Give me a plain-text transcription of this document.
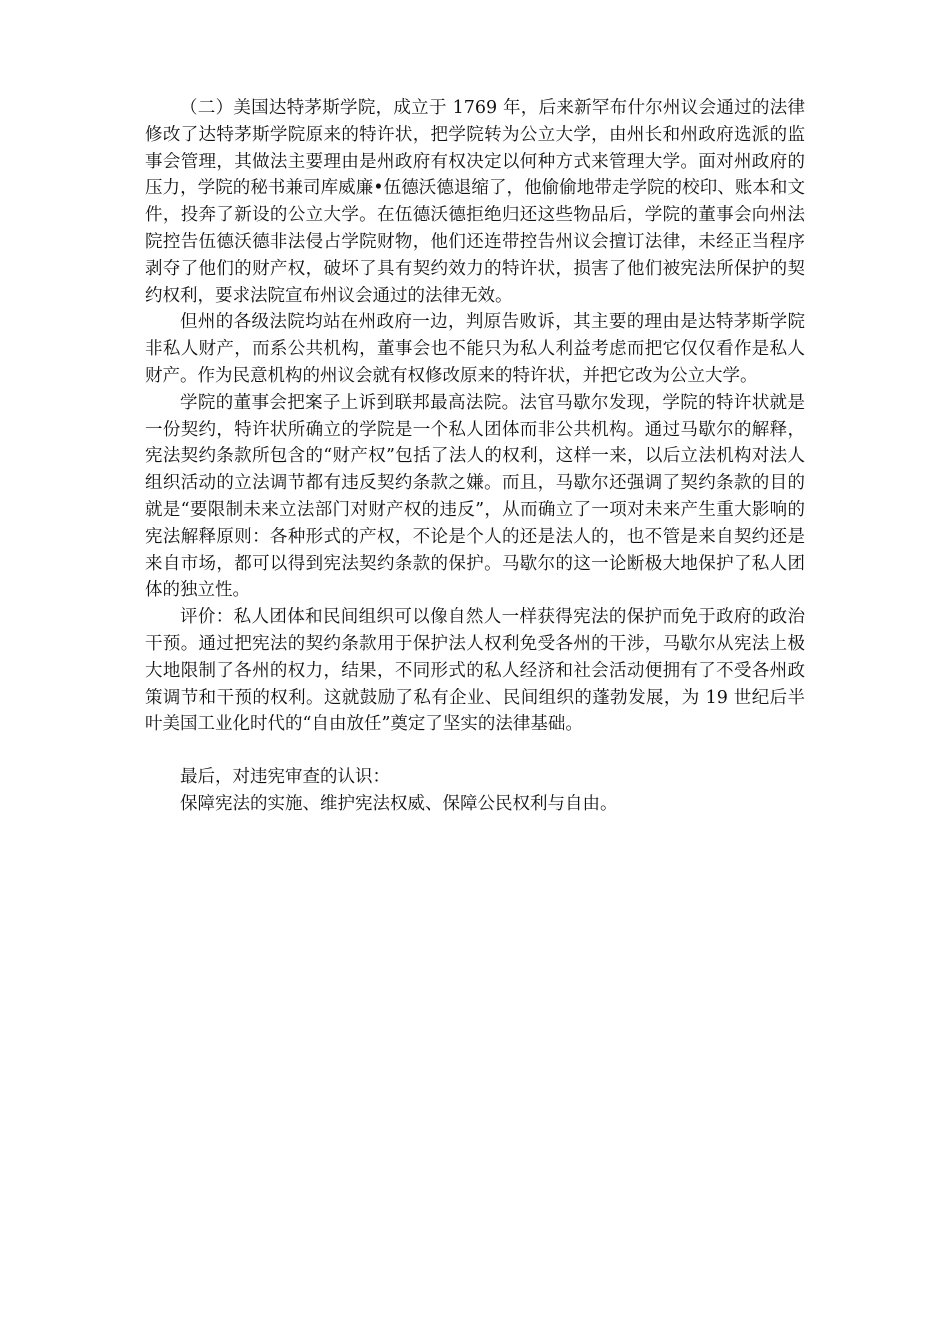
（二）美国达特茅斯学院，成立于 1769 年，后来新罕布什尔州议会通过的法律修改了达特茅斯学院原来的特许状，把学院转为公立大学，由州长和州政府选派的监事会管理，其做法主要理由是州政府有权决定以何种方式来管理大学。面对州政府的压力，学院的秘书兼司库威廉•伍德沃德退缩了，他偷偷地带走学院的校印、账本和文件，投奔了新设的公立大学。在伍德沃德拒绝归还这些物品后，学院的董事会向州法院控告伍德沃德非法侵占学院财物，他们还连带控告州议会擅订法律，未经正当程序剥夺了他们的财产权，破坏了具有契约效力的特许状，损害了他们被宪法所保护的契约权利，要求法院宣布州议会通过的法律无效。

但州的各级法院均站在州政府一边，判原告败诉，其主要的理由是达特茅斯学院非私人财产，而系公共机构，董事会也不能只为私人利益考虑而把它仅仅看作是私人财产。作为民意机构的州议会就有权修改原来的特许状，并把它改为公立大学。

学院的董事会把案子上诉到联邦最高法院。法官马歇尔发现，学院的特许状就是一份契约，特许状所确立的学院是一个私人团体而非公共机构。通过马歇尔的解释，宪法契约条款所包含的“财产权”包括了法人的权利，这样一来，以后立法机构对法人组织活动的立法调节都有违反契约条款之嫌。而且，马歇尔还强调了契约条款的目的就是“要限制未来立法部门对财产权的违反”，从而确立了一项对未来产生重大影响的宪法解释原则：各种形式的产权，不论是个人的还是法人的，也不管是来自契约还是来自市场，都可以得到宪法契约条款的保护。马歇尔的这一论断极大地保护了私人团体的独立性。

评价：私人团体和民间组织可以像自然人一样获得宪法的保护而免于政府的政治干预。通过把宪法的契约条款用于保护法人权利免受各州的干涉，马歇尔从宪法上极大地限制了各州的权力，结果，不同形式的私人经济和社会活动便拥有了不受各州政策调节和干预的权利。这就鼓励了私有企业、民间组织的蓬勃发展，为 19 世纪后半叶美国工业化时代的“自由放任”奠定了坚实的法律基础。

最后，对违宪审查的认识：

保障宪法的实施、维护宪法权威、保障公民权利与自由。
